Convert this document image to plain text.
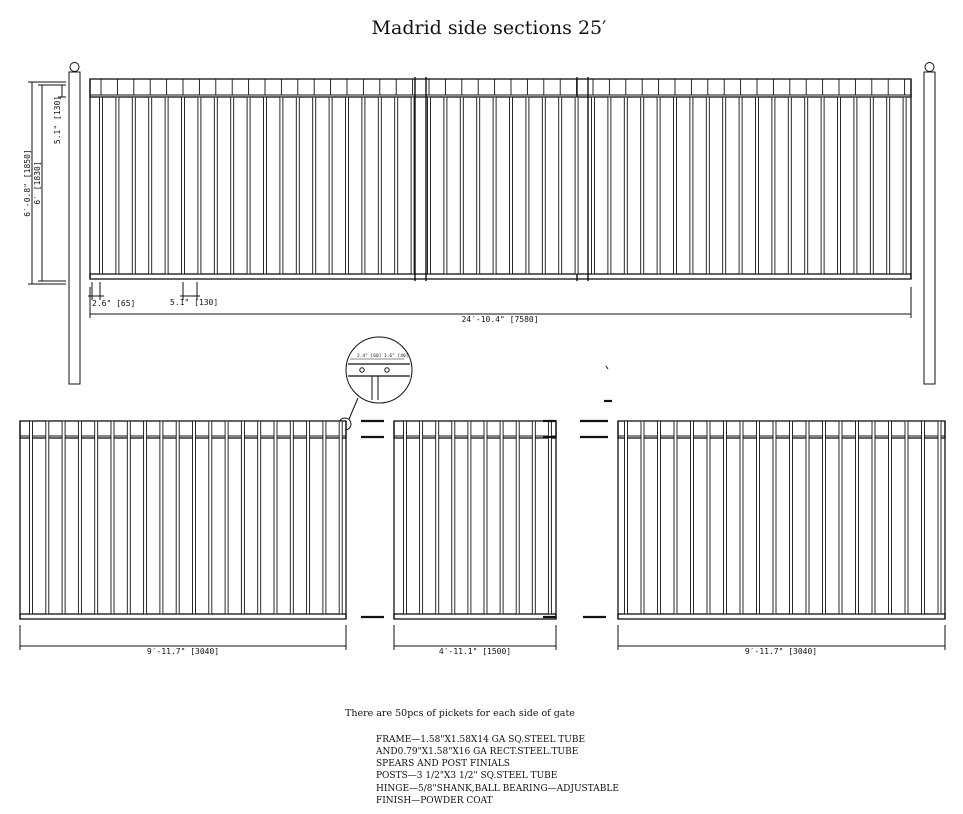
Madrid side sections 25′
6′-0.8" [1850] 6′ [1830]
5.1" [130]
2.6" [65]	5.1" [130]
24′-10.4" [7580]
2.4" [60] 1.6" [40]
9′-11.7" [3040]	4′-11.1" [1500]	9′-11.7" [3040]
There are 50pcs of pickets for each side of gate
FRAME—1.58"X1.58X14 GA SQ.STEEL TUBE
AND0.79"X1.58"X16 GA RECT.STEEL.TUBE
SPEARS AND POST FINIALS
POSTS—3 1/2"X3 1/2" SQ.STEEL TUBE
HINGE—5/8"SHANK,BALL BEARING—ADJUSTABLE
FINISH—POWDER COAT
